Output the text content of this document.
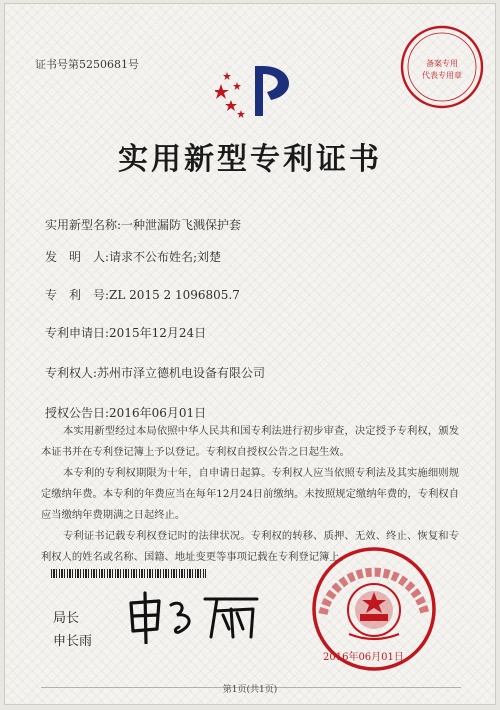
证书号第5250681号	备案专用
代表专用章
实用新型专利证书
实用新型名称:一种泄漏防飞溅保护套
发　明　人:请求不公布姓名;刘楚
专　利　号:ZL 2015 2 1096805.7
专利申请日:2015年12月24日
专利权人:苏州市泽立德机电设备有限公司
授权公告日:2016年06月01日

本实用新型经过本局依照中华人民共和国专利法进行初步审查，决定授予专利权，颁发本证书并在专利登记簿上予以登记。专利权自授权公告之日起生效。

本专利的专利权期限为十年，自申请日起算。专利权人应当依照专利法及其实施细则规定缴纳年费。本专利的年费应当在每年12月24日前缴纳。未按照规定缴纳年费的，专利权自应当缴纳年费期满之日起终止。

专利证书记载专利权登记时的法律状况。专利权的转移、质押、无效、终止、恢复和专利权人的姓名或名称、国籍、地址变更等事项记载在专利登记簿上。

局长
申长雨
2016年06月01日
第1页(共1页)
